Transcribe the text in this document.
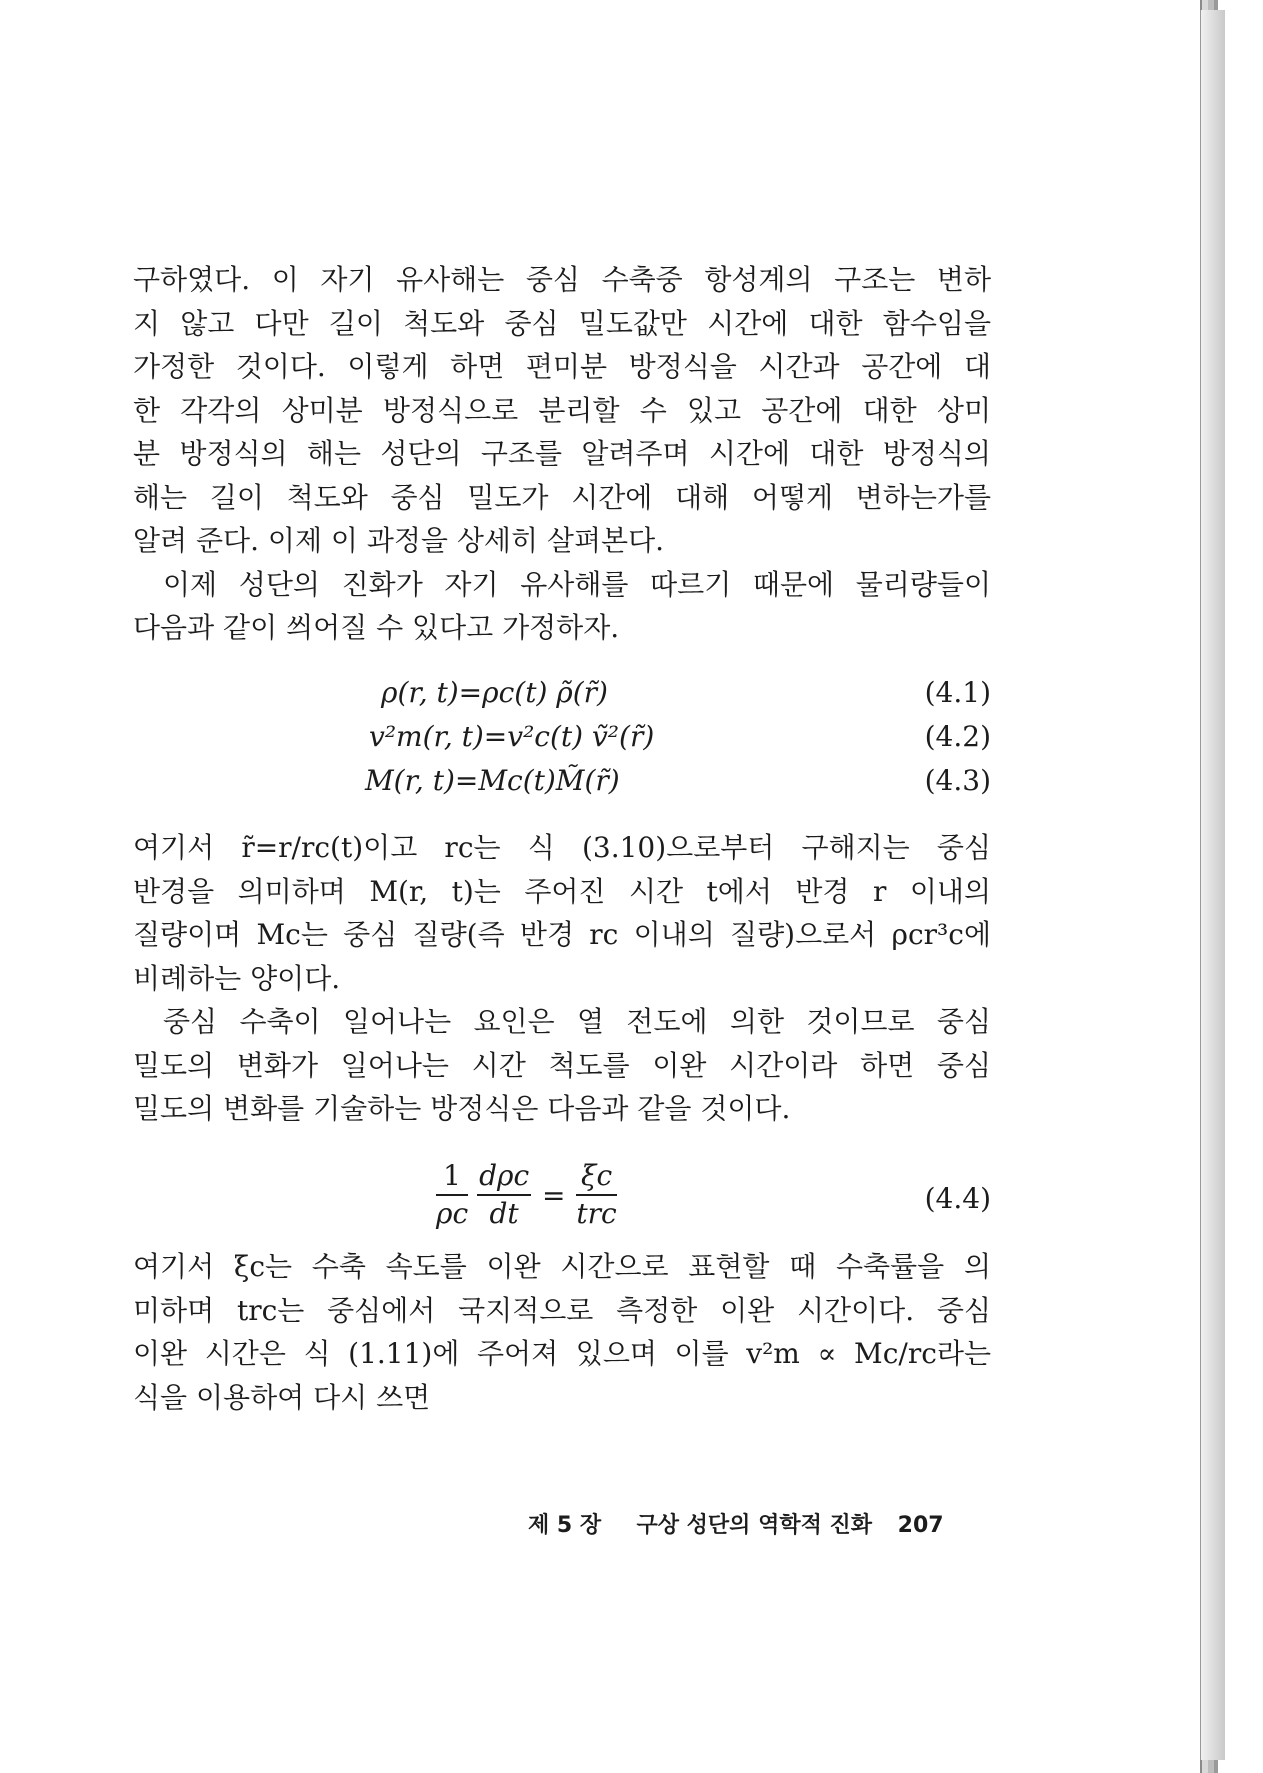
구하였다. 이 자기 유사해는 중심 수축중 항성계의 구조는 변하
지 않고 다만 길이 척도와 중심 밀도값만 시간에 대한 함수임을
가정한 것이다. 이렇게 하면 편미분 방정식을 시간과 공간에 대
한 각각의 상미분 방정식으로 분리할 수 있고 공간에 대한 상미
분 방정식의 해는 성단의 구조를 알려주며 시간에 대한 방정식의
해는 길이 척도와 중심 밀도가 시간에 대해 어떻게 변하는가를
알려 준다. 이제 이 과정을 상세히 살펴본다.
이제 성단의 진화가 자기 유사해를 따르기 때문에 물리량들이
다음과 같이 씌어질 수 있다고 가정하자.
ρ(r, t)=ρc(t) ρ̃(r̃)	(4.1)
v²m(r, t)=v²c(t) ṽ²(r̃)	(4.2)
M(r, t)=Mc(t)M̃(r̃)	(4.3)
여기서 r̃=r/rc(t)이고 rc는 식 (3.10)으로부터 구해지는 중심
반경을 의미하며 M(r, t)는 주어진 시간 t에서 반경 r 이내의
질량이며 Mc는 중심 질량(즉 반경 rc 이내의 질량)으로서 ρcr³c에
비례하는 양이다.
중심 수축이 일어나는 요인은 열 전도에 의한 것이므로 중심
밀도의 변화가 일어나는 시간 척도를 이완 시간이라 하면 중심
밀도의 변화를 기술하는 방정식은 다음과 같을 것이다.
$\frac{1}{\rho c}$
$\frac{\text{dρc}}{dt} = \frac{\xi c}{\text{trc}}$	(4.4)
여기서 ξc는 수축 속도를 이완 시간으로 표현할 때 수축률을 의
미하며 trc는 중심에서 국지적으로 측정한 이완 시간이다. 중심
이완 시간은 식 (1.11)에 주어져 있으며 이를 v²m ∝ Mc/rc라는
식을 이용하여 다시 쓰면
제 5 장 구상 성단의 역학적 진화 207
